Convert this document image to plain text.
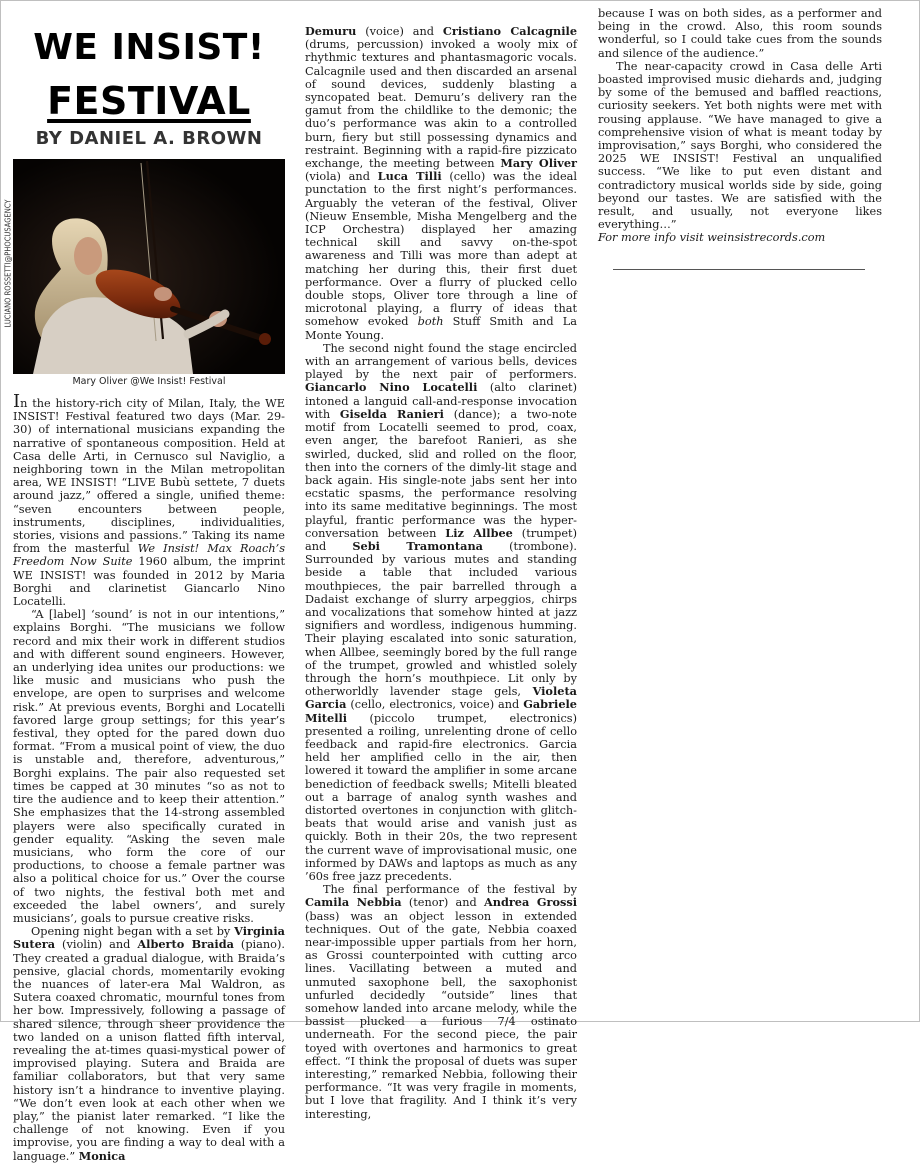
WE INSIST!
FESTIVAL
BY DANIEL A. BROWN
LUCIANO ROSSETTI@PHOCUSAGENCY
Mary Oliver @We Insist! Festival

In the history-rich city of Milan, Italy, the WE INSIST! Festival featured two days (Mar. 29-30) of international musicians expanding the narrative of spontaneous composition. Held at Casa delle Arti, in Cernusco sul Naviglio, a neighboring town in the Milan metropolitan area, WE INSIST! “LIVE Bubù settete, 7 duets around jazz,” offered a single, unified theme: “seven encounters between people, instruments, disciplines, individualities, stories, visions and passions.” Taking its name from the masterful We Insist! Max Roach’s Freedom Now Suite 1960 album, the imprint WE INSIST! was founded in 2012 by Maria Borghi and clarinetist Giancarlo Nino Locatelli.

“A [label] ‘sound’ is not in our intentions,” explains Borghi. “The musicians we follow record and mix their work in different studios and with different sound engineers. However, an underlying idea unites our productions: we like music and musicians who push the envelope, are open to surprises and welcome risk.” At previous events, Borghi and Locatelli favored large group settings; for this year’s festival, they opted for the pared down duo format. “From a musical point of view, the duo is unstable and, therefore, adventurous,” Borghi explains. The pair also requested set times be capped at 30 minutes “so as not to tire the audience and to keep their attention.” She emphasizes that the 14-strong assembled players were also specifically curated in gender equality. “Asking the seven male musicians, who form the core of our productions, to choose a female partner was also a political choice for us.” Over the course of two nights, the festival both met and exceeded the label owners’, and surely musicians’, goals to pursue creative risks.

Opening night began with a set by Virginia Sutera (violin) and Alberto Braida (piano). They created a gradual dialogue, with Braida’s pensive, glacial chords, momentarily evoking the nuances of later-era Mal Waldron, as Sutera coaxed chromatic, mournful tones from her bow. Impressively, following a passage of shared silence, through sheer providence the two landed on a unison flatted fifth interval, revealing the at-times quasi-mystical power of improvised playing. Sutera and Braida are familiar collaborators, but that very same history isn’t a hindrance to inventive playing. “We don’t even look at each other when we play,” the pianist later remarked. “I like the challenge of not knowing. Even if you improvise, you are finding a way to deal with a language.” Monica

Demuru (voice) and Cristiano Calcagnile (drums, percussion) invoked a wooly mix of rhythmic textures and phantasmagoric vocals. Calcagnile used and then discarded an arsenal of sound devices, suddenly blasting a syncopated beat. Demuru’s delivery ran the gamut from the childlike to the demonic; the duo’s performance was akin to a controlled burn, fiery but still possessing dynamics and restraint. Beginning with a rapid-fire pizzicato exchange, the meeting between Mary Oliver (viola) and Luca Tilli (cello) was the ideal punctation to the first night’s performances. Arguably the veteran of the festival, Oliver (Nieuw Ensemble, Misha Mengelberg and the ICP Orchestra) displayed her amazing technical skill and savvy on-the-spot awareness and Tilli was more than adept at matching her during this, their first duet performance. Over a flurry of plucked cello double stops, Oliver tore through a line of microtonal playing, a flurry of ideas that somehow evoked both Stuff Smith and La Monte Young.

The second night found the stage encircled with an arrangement of various bells, devices played by the next pair of performers. Giancarlo Nino Locatelli (alto clarinet) intoned a languid call-and-response invocation with Giselda Ranieri (dance); a two-note motif from Locatelli seemed to prod, coax, even anger, the barefoot Ranieri, as she swirled, ducked, slid and rolled on the floor, then into the corners of the dimly-lit stage and back again. His single-note jabs sent her into ecstatic spasms, the performance resolving into its same meditative beginnings. The most playful, frantic performance was the hyper-conversation between Liz Allbee (trumpet) and Sebi Tramontana (trombone). Surrounded by various mutes and standing beside a table that included various mouthpieces, the pair barrelled through a Dadaist exchange of slurry arpeggios, chirps and vocalizations that somehow hinted at jazz signifiers and wordless, indigenous humming. Their playing escalated into sonic saturation, when Allbee, seemingly bored by the full range of the trumpet, growled and whistled solely through the horn’s mouthpiece. Lit only by otherworldly lavender stage gels, Violeta Garcia (cello, electronics, voice) and Gabriele Mitelli (piccolo trumpet, electronics) presented a roiling, unrelenting drone of cello feedback and rapid-fire electronics. Garcia held her amplified cello in the air, then lowered it toward the amplifier in some arcane benediction of feedback swells; Mitelli bleated out a barrage of analog synth washes and distorted overtones in conjunction with glitch-beats that would arise and vanish just as quickly. Both in their 20s, the two represent the current wave of improvisational music, one informed by DAWs and laptops as much as any ’60s free jazz precedents.

The final performance of the festival by Camila Nebbia (tenor) and Andrea Grossi (bass) was an object lesson in extended techniques. Out of the gate, Nebbia coaxed near-impossible upper partials from her horn, as Grossi counterpointed with cutting arco lines. Vacillating between a muted and unmuted saxophone bell, the saxophonist unfurled decidedly “outside” lines that somehow landed into arcane melody, while the bassist plucked a furious 7/4 ostinato underneath. For the second piece, the pair toyed with overtones and harmonics to great effect. “I think the proposal of duets was super interesting,” remarked Nebbia, following their performance. “It was very fragile in moments, but I love that fragility. And I think it’s very interesting,

because I was on both sides, as a performer and being in the crowd. Also, this room sounds wonderful, so I could take cues from the sounds and silence of the audience.”

The near-capacity crowd in Casa delle Arti boasted improvised music diehards and, judging by some of the bemused and baffled reactions, curiosity seekers. Yet both nights were met with rousing applause. “We have managed to give a comprehensive vision of what is meant today by improvisation,” says Borghi, who considered the 2025 WE INSIST! Festival an unqualified success. “We like to put even distant and contradictory musical worlds side by side, going beyond our tastes. We are satisfied with the result, and usually, not everyone likes everything…”

For more info visit weinsistrecords.com
